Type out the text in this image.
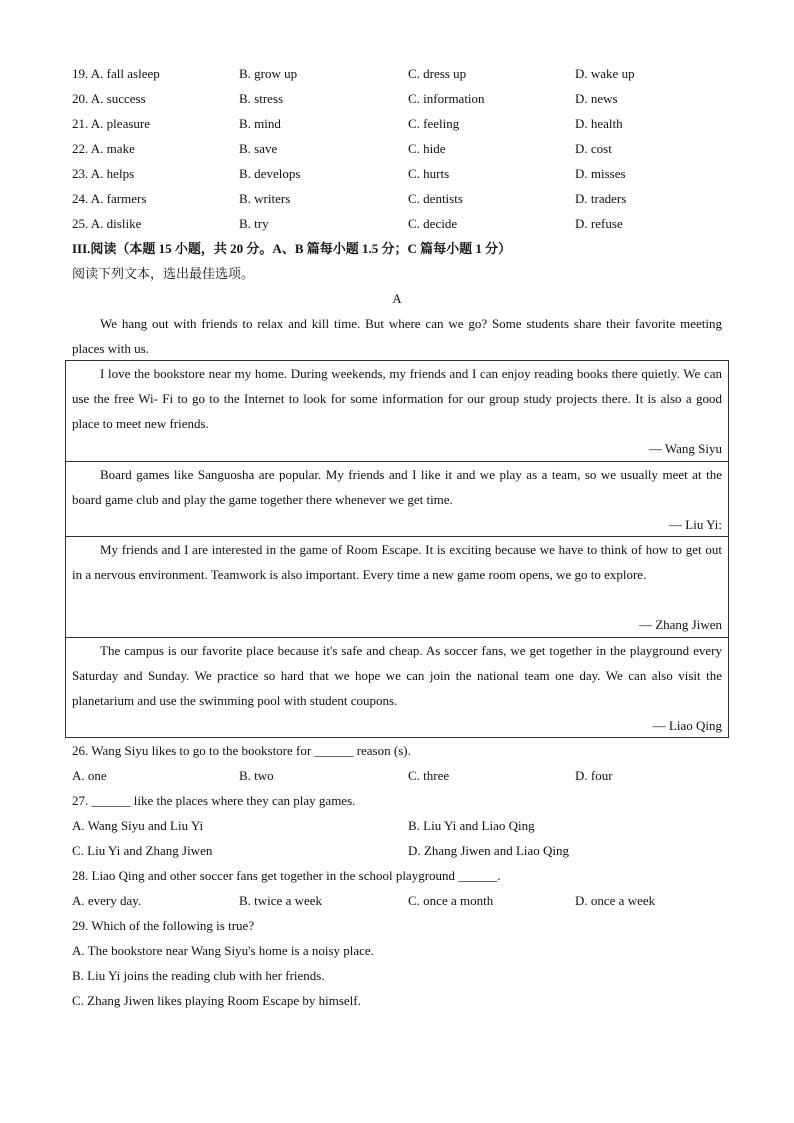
19. A. fall asleep	B. grow up	C. dress up	D. wake up
20. A. success	B. stress	C. information	D. news
21. A. pleasure	B. mind	C. feeling	D. health
22. A. make	B. save	C. hide	D. cost
23. A. helps	B. develops	C. hurts	D. misses
24. A. farmers	B. writers	C. dentists	D. traders
25. A. dislike	B. try	C. decide	D. refuse
III.阅读（本题 15 小题，共 20 分。A、B 篇每小题 1.5 分；C 篇每小题 1 分）
阅读下列文本，选出最佳选项。
A
We hang out with friends to relax and kill time. But where can we go? Some students share their favorite meeting places with us.
I love the bookstore near my home. During weekends, my friends and I can enjoy reading books there quietly. We can use the free Wi- Fi to go to the Internet to look for some information for our group study projects there. It is also a good place to meet new friends.
— Wang Siyu
Board games like Sanguosha are popular. My friends and I like it and we play as a team, so we usually meet at the board game club and play the game together there whenever we get time.
— Liu Yi:
My friends and I are interested in the game of Room Escape. It is exciting because we have to think of how to get out in a nervous environment. Teamwork is also important. Every time a new game room opens, we go to explore.
— Zhang Jiwen
The campus is our favorite place because it's safe and cheap. As soccer fans, we get together in the playground every Saturday and Sunday. We practice so hard that we hope we can join the national team one day. We can also visit the planetarium and use the swimming pool with student coupons.
— Liao Qing
26. Wang Siyu likes to go to the bookstore for ______ reason (s).
A. one	B. two	C. three	D. four
27. ______ like the places where they can play games.
A. Wang Siyu and Liu Yi	B. Liu Yi and Liao Qing
C. Liu Yi and Zhang Jiwen	D. Zhang Jiwen and Liao Qing
28. Liao Qing and other soccer fans get together in the school playground ______.
A. every day.	B. twice a week	C. once a month	D. once a week
29. Which of the following is true?
A. The bookstore near Wang Siyu's home is a noisy place.
B. Liu Yi joins the reading club with her friends.
C. Zhang Jiwen likes playing Room Escape by himself.
